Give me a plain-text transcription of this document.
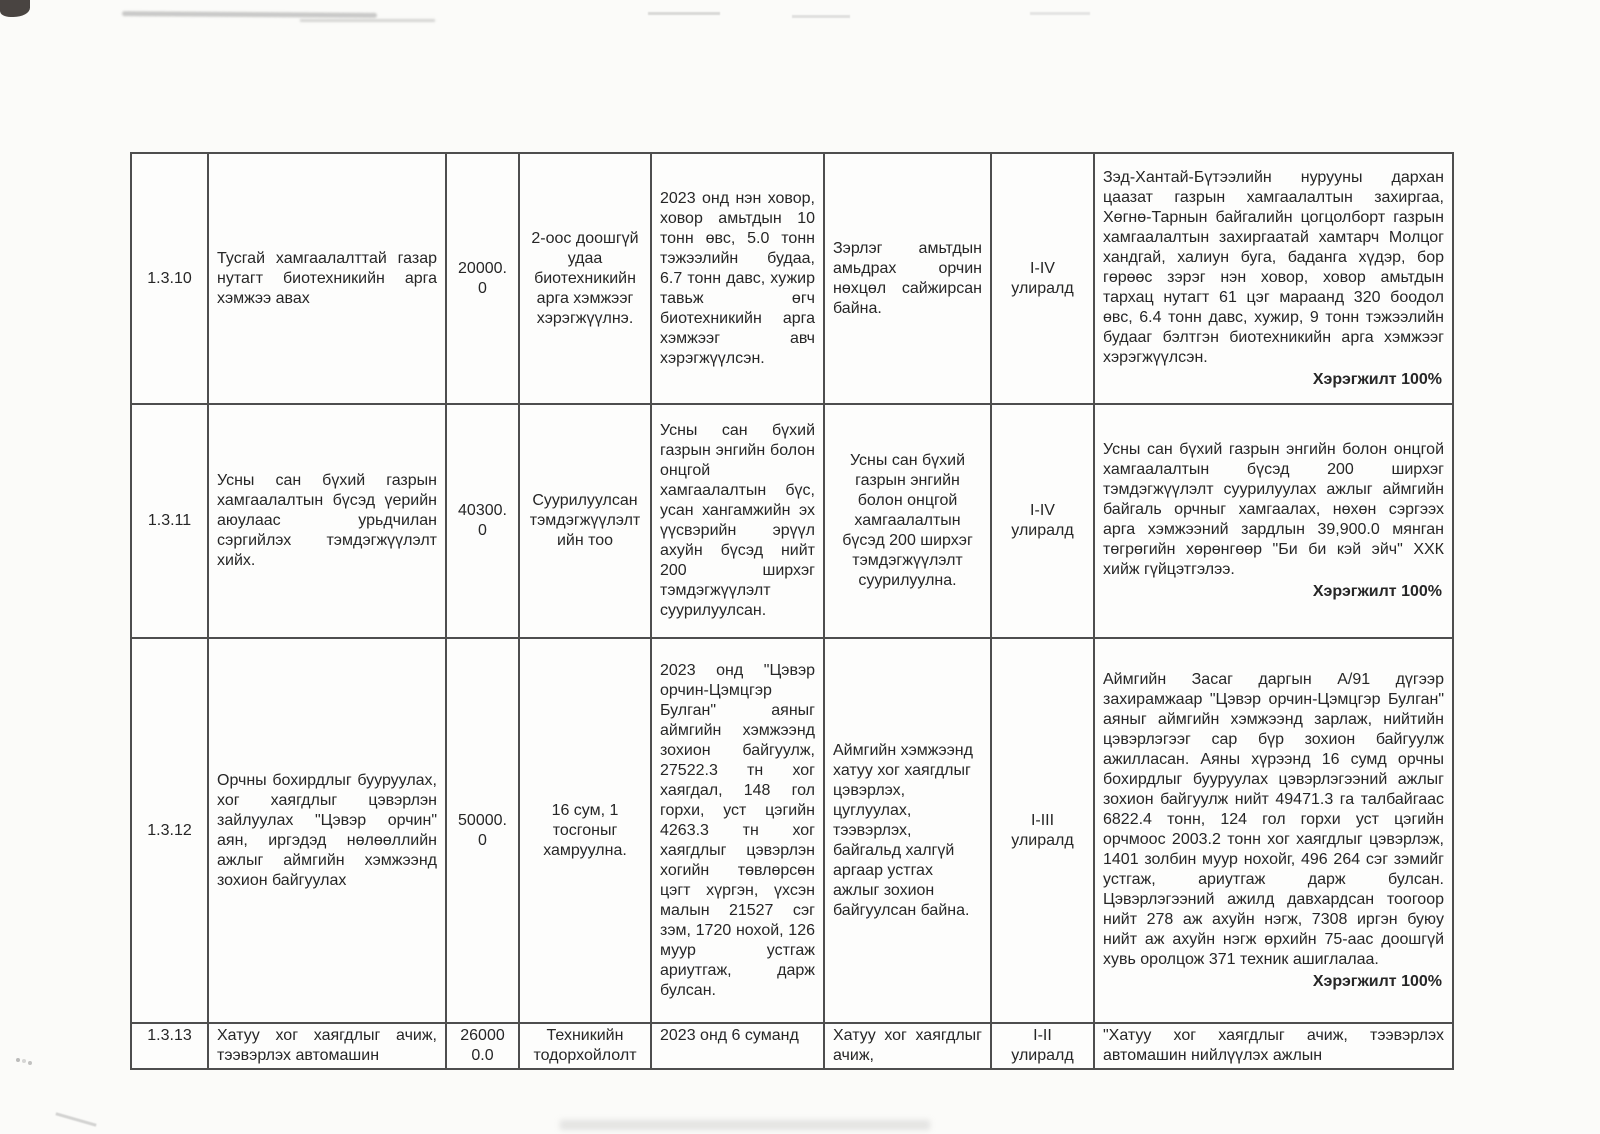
1.3.10	Тусгай хамгаалалттай газар нутагт биотехникийн арга хэмжээ авах	20000.0	2-оос доошгүй удаа биотехникийн арга хэмжээг хэрэгжүүлнэ.	2023 онд нэн ховор, ховор амьтдын 10 тонн өвс, 5.0 тонн тэжээлийн будаа, 6.7 тонн давс, хужир тавьж өгч биотехникийн арга хэмжээг авч хэрэгжүүлсэн.	Зэрлэг амьтдын амьдрах орчин нөхцөл сайжирсан байна.	I-IV улиралд	Зэд-Хантай-Бүтээлийн нурууны дархан цаазат газрын хамгаалалтын захиргаа, Хөгнө-Тарнын байгалийн цогцолборт газрын хамгаалалтын захиргаатай хамтарч Молцог хандгай, халиун буга, баданга хүдэр, бор гөрөөс зэрэг нэн ховор, ховор амьтдын тархац нутагт 61 цэг мараанд 320 боодол өвс, 6.4 тонн давс, хужир, 9 тонн тэжээлийн будааг бэлтгэн биотехникийн арга хэмжээг хэрэгжүүлсэн.
Хэрэгжилт 100%

1.3.11	Усны сан бүхий газрын хамгаалалтын бүсэд үерийн аюулаас урьдчилан сэргийлэх тэмдэгжүүлэлт хийх.	40300.0	Суурилуулсан тэмдэгжүүлэлтийн тоо	Усны сан бүхий газрын энгийн болон онцгой хамгаалалтын бүс, усан хангамжийн эх үүсвэрийн эрүүл ахуйн бүсэд нийт 200 ширхэг тэмдэгжүүлэлт суурилуулсан.	Усны сан бүхий газрын энгийн болон онцгой хамгаалалтын бүсэд 200 ширхэг тэмдэгжүүлэлт суурилуулна.	I-IV улиралд	Усны сан бүхий газрын энгийн болон онцгой хамгаалалтын бүсэд 200 ширхэг тэмдэгжүүлэлт суурилуулах ажлыг аймгийн байгаль орчныг хамгаалах, нөхөн сэргээх арга хэмжээний зардлын 39,900.0 мянган төгрөгийн хөрөнгөөр "Би би кэй эйч" ХХК хийж гүйцэтгэлээ.
Хэрэгжилт 100%

1.3.12	Орчны бохирдлыг бууруулах, хог хаягдлыг цэвэрлэн зайлуулах "Цэвэр орчин" аян, иргэдэд нөлөөллийн ажлыг аймгийн хэмжээнд зохион байгуулах	50000.0	16 сум, 1 тосгоныг хамруулна.	2023 онд "Цэвэр орчин-Цэмцгэр Булган" аяныг аймгийн хэмжээнд зохион байгуулж, 27522.3 тн хог хаягдал, 148 гол горхи, уст цэгийн 4263.3 тн хог хаягдлыг цэвэрлэн хогийн төвлөрсөн цэгт хүргэн, үхсэн малын 21527 сэг зэм, 1720 нохой, 126 муур устгаж ариутгаж, дарж булсан.	Аймгийн хэмжээнд хатуу хог хаягдлыг цэвэрлэх, цуглуулах, тээвэрлэх, байгальд халгүй аргаар устгах ажлыг зохион байгуулсан байна.	I-III улиралд	
Аймгийн Засаг даргын А/91 дүгээр захирамжаар "Цэвэр орчин-Цэмцгэр Булган" аяныг аймгийн хэмжээнд зарлаж, нийтийн цэвэрлэгээг сар бүр зохион байгуулж ажилласан. Аяны хүрээнд 16 сумд орчны бохирдлыг бууруулах цэвэрлэгээний ажлыг зохион байгуулж нийт 49471.3 га талбайгаас 6822.4 тонн, 124 гол горхи уст цэгийн орчмоос 2003.2 тонн хог хаягдлыг цэвэрлэж, 1401 золбин муур нохойг, 496 264 сэг зэмийг устгаж, ариутгаж дарж булсан. Цэвэрлэгээний ажилд давхардсан тоогоор нийт 278 аж ахуйн нэгж, 7308 иргэн буюу нийт аж ахуйн нэгж өрхийн 75-аас доошгүй хувь оролцож 371 техник ашиглалаа.
Хэрэгжилт 100%

1.3.13	Хатуу хог хаягдлыг ачиж, тээвэрлэх автомашин	260000.0	Техникийн тодорхойлолт	2023 онд 6 суманд	Хатуу хог хаягдлыг ачиж,	I-II улиралд	"Хатуу хог хаягдлыг ачиж, тээвэрлэх автомашин нийлүүлэх ажлын
